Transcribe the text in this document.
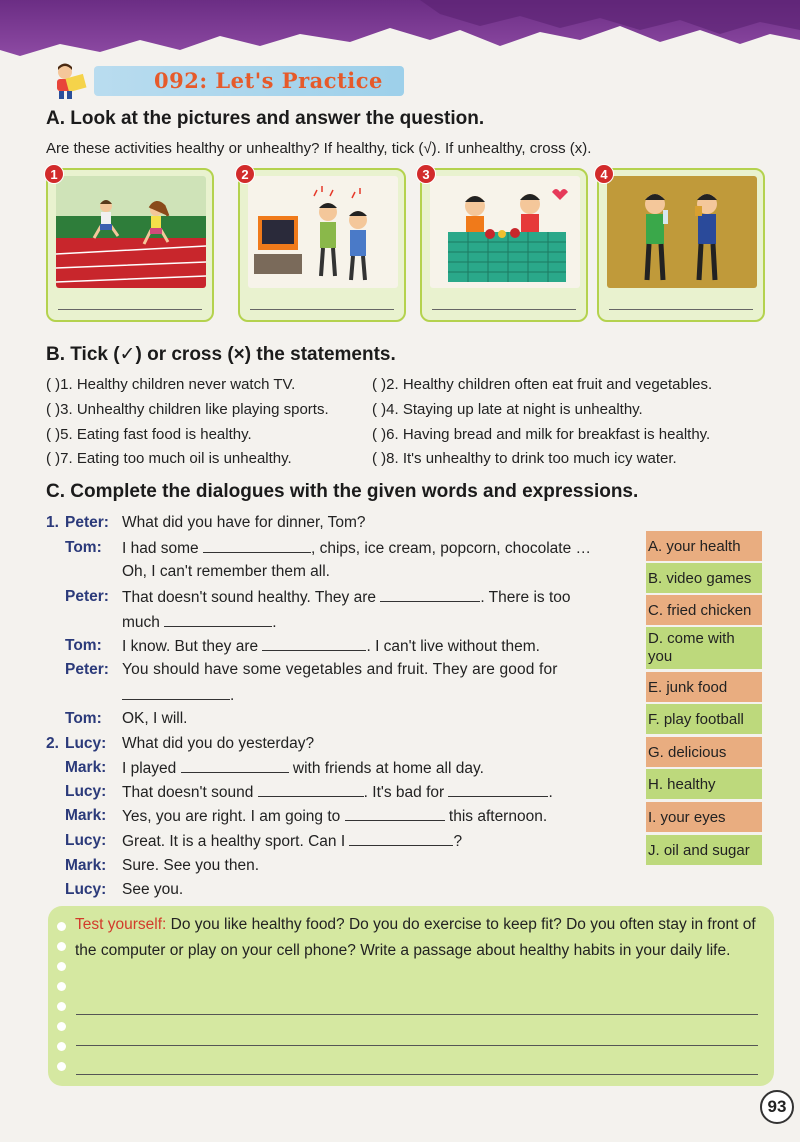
092: Let's Practice
A. Look at the pictures and answer the question.
Are these activities healthy or unhealthy? If healthy, tick (√). If unhealthy, cross (x).
1	2	3	4
B. Tick (✓) or cross (×) the statements.
( )1. Healthy children never watch TV.
( )3. Unhealthy children like playing sports.
( )5. Eating fast food is healthy.
( )7. Eating too much oil is unhealthy.
( )2. Healthy children often eat fruit and vegetables.
( )4. Staying up late at night is unhealthy.
( )6. Having bread and milk for breakfast is healthy.
( )8. It's unhealthy to drink too much icy water.
C. Complete the dialogues with the given words and expressions.
1. Peter: What did you have for dinner, Tom?
Tom: I had some	, chips, ice cream, popcorn, chocolate …
Oh, I can't remember them all.
Peter: That doesn't sound healthy. They are	. There is too
much	.
Tom: I know. But they are	. I can't live without them.
Peter: You should have some vegetables and fruit. They are good for
.
Tom: OK, I will.
2. Lucy: What did you do yesterday?
Mark: I played	with friends at home all day.
Lucy: That doesn't sound	. It's bad for	.
Mark: Yes, you are right. I am going to	this afternoon.
Lucy: Great. It is a healthy sport. Can I	?
Mark: Sure. See you then.
Lucy: See you.
A. your health
B. video games
C. fried chicken
D. come with you
E. junk food
F. play football
G. delicious
H. healthy
I. your eyes
J. oil and sugar
Test yourself: Do you like healthy food? Do you do exercise to keep fit? Do you often stay in front of the computer or play on your cell phone? Write a passage about healthy habits in your daily life.
93
